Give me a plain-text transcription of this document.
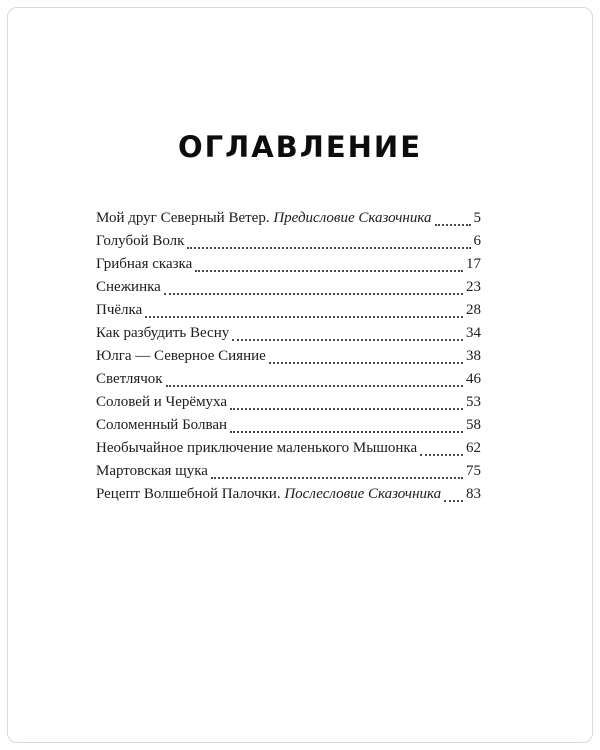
ОГЛАВЛЕНИЕ
Мой друг Северный Ветер. Предисловие Сказочника	5
Голубой Волк	6
Грибная сказка	17
Снежинка	23
Пчёлка	28
Как разбудить Весну	34
Юлга — Северное Сияние	38
Светлячок	46
Соловей и Черёмуха	53
Соломенный Болван	58
Необычайное приключение маленького Мышонка	62
Мартовская щука	75
Рецепт Волшебной Палочки. Послесловие Сказочника 83
